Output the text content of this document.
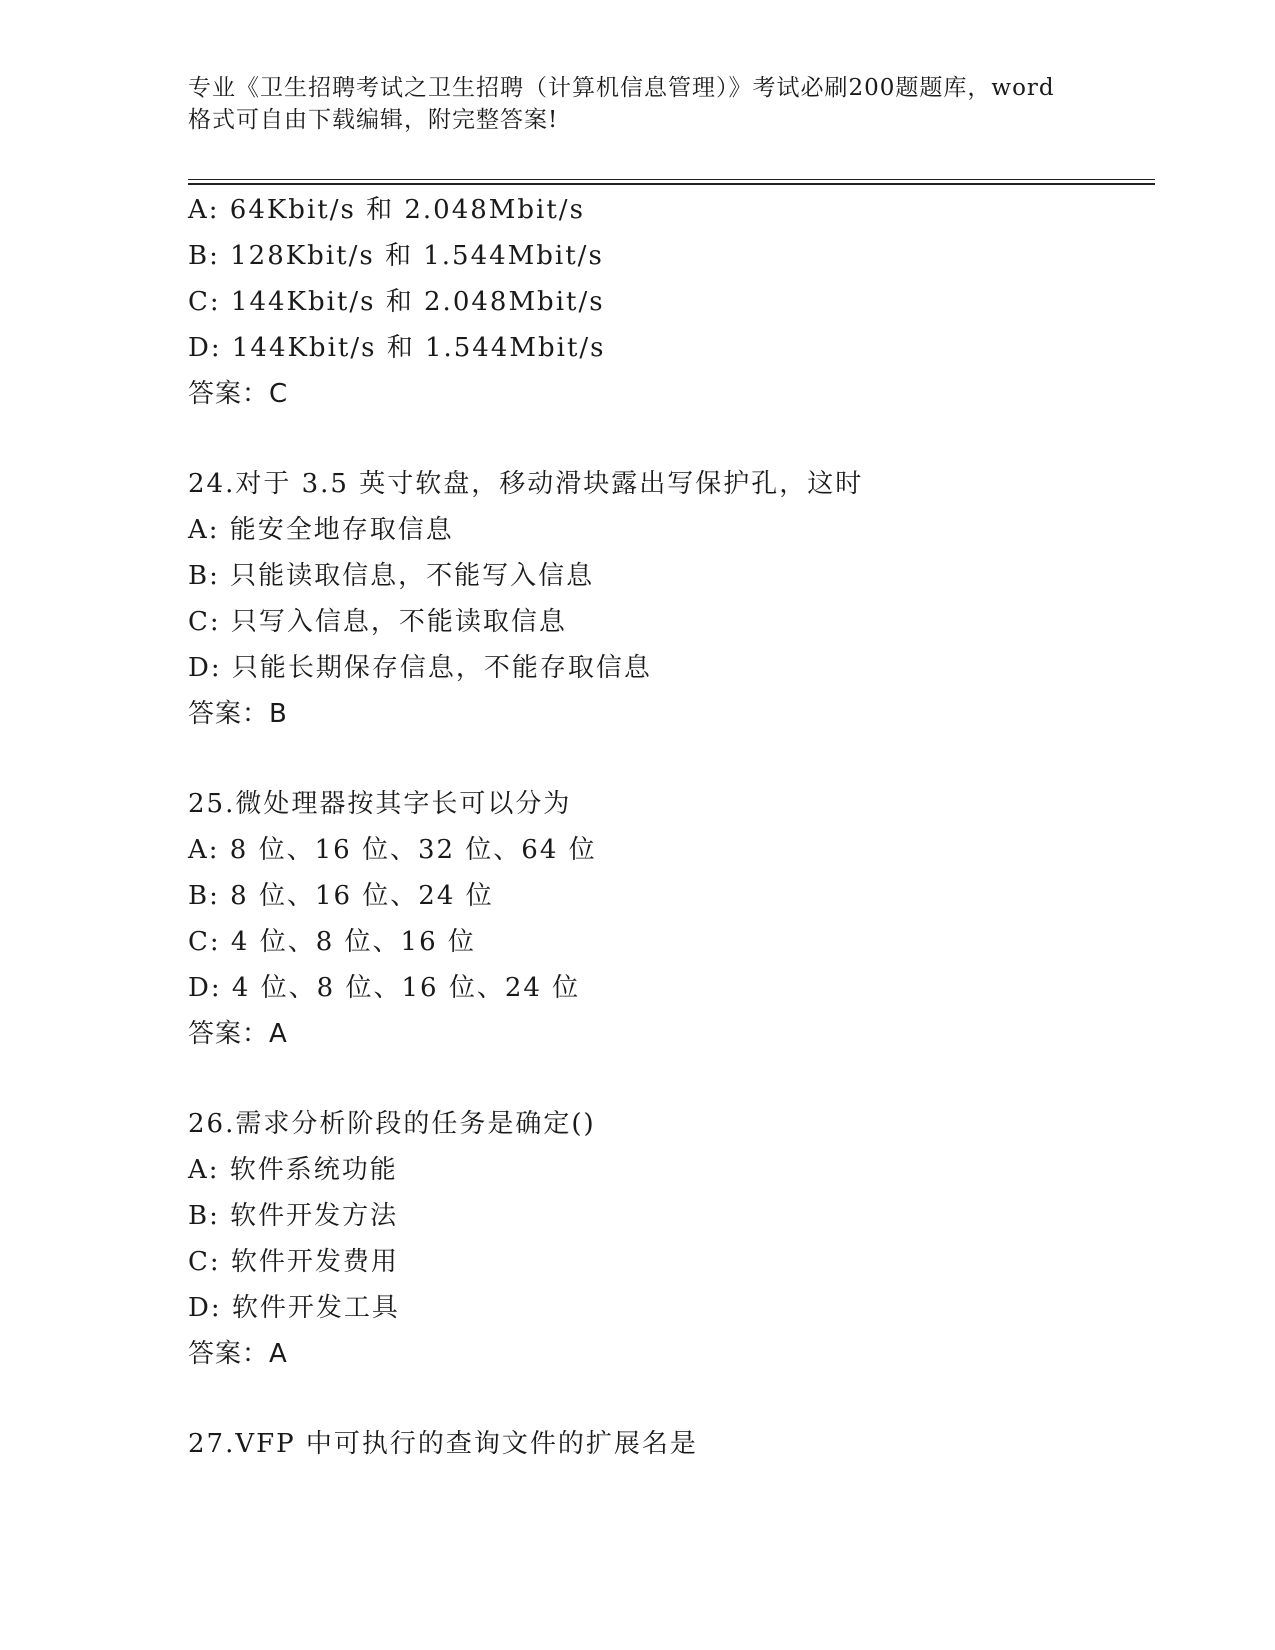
专业《卫生招聘考试之卫生招聘（计算机信息管理）》考试必刷200题题库，word
格式可自由下载编辑，附完整答案!
A: 64Kbit/s 和 2.048Mbit/s
B: 128Kbit/s 和 1.544Mbit/s
C: 144Kbit/s 和 2.048Mbit/s
D: 144Kbit/s 和 1.544Mbit/s
答案：C
24.对于 3.5 英寸软盘，移动滑块露出写保护孔，这时
A: 能安全地存取信息
B: 只能读取信息，不能写入信息
C: 只写入信息，不能读取信息
D: 只能长期保存信息，不能存取信息
答案：B
25.微处理器按其字长可以分为
A: 8 位、16 位、32 位、64 位
B: 8 位、16 位、24 位
C: 4 位、8 位、16 位
D: 4 位、8 位、16 位、24 位
答案：A
26.需求分析阶段的任务是确定()
A: 软件系统功能
B: 软件开发方法
C: 软件开发费用
D: 软件开发工具
答案：A
27.VFP 中可执行的查询文件的扩展名是
